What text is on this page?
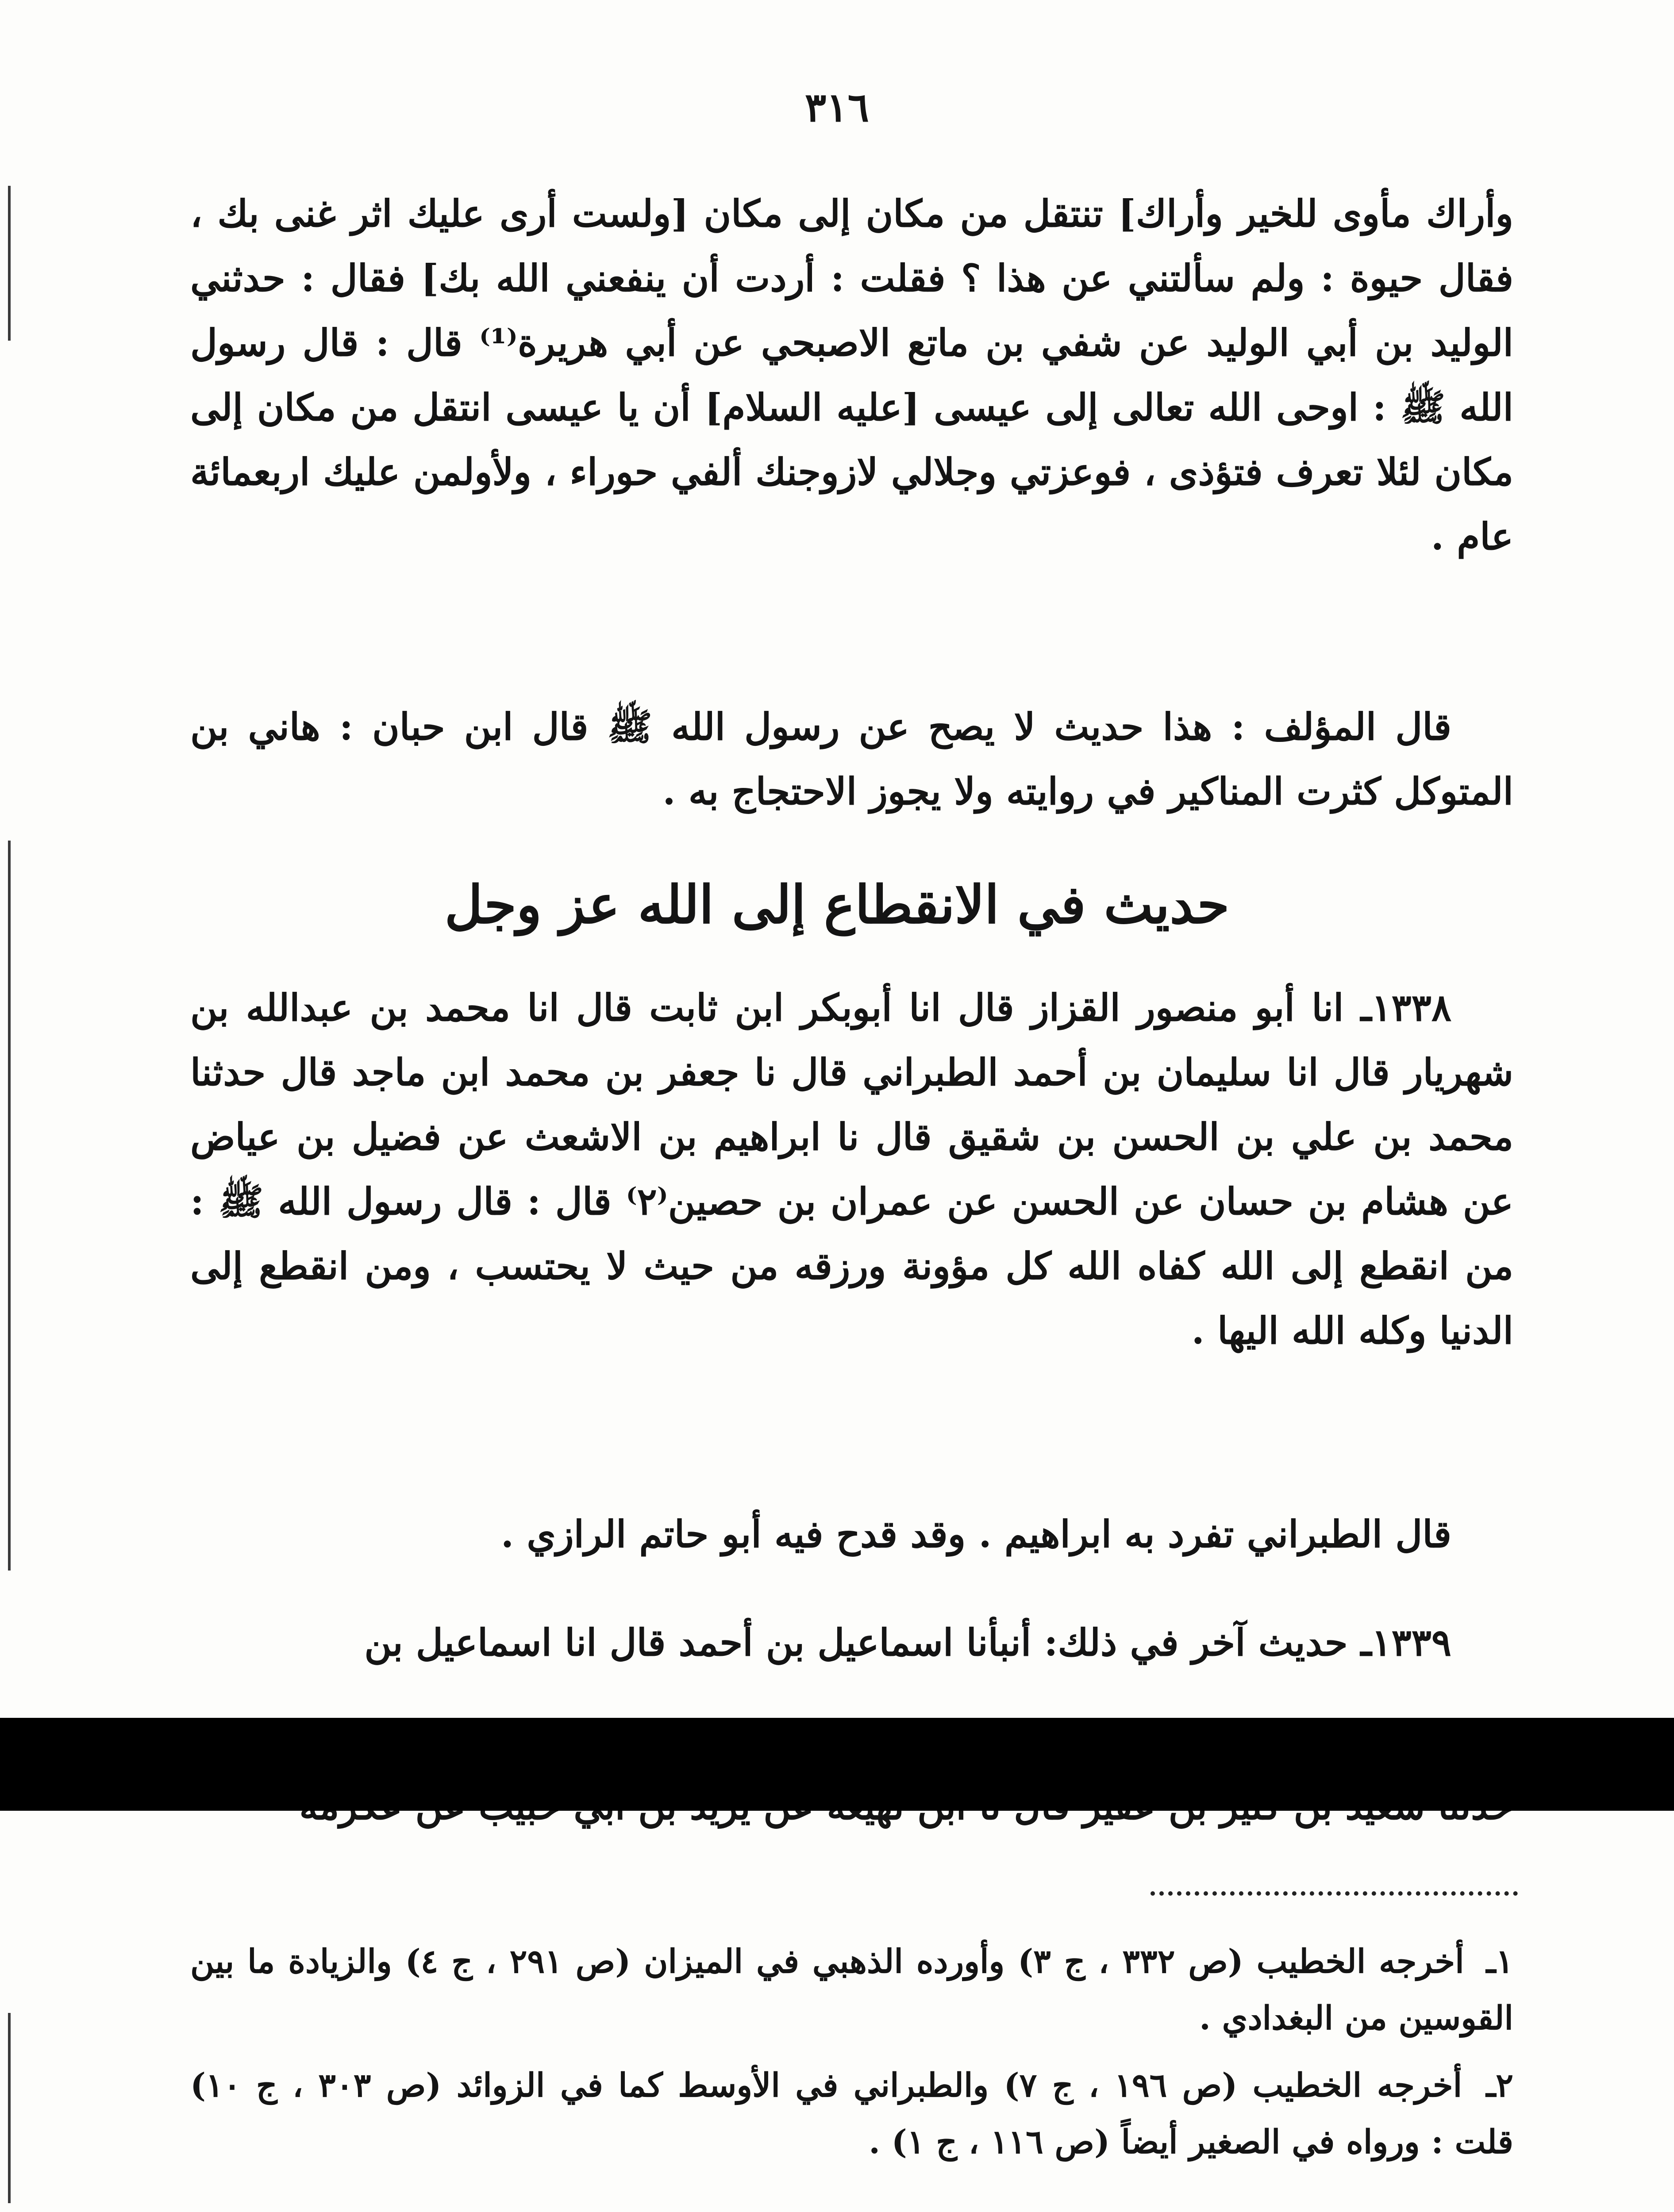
٣١٦
وأراك مأوى للخير وأراك] تنتقل من مكان إلى مكان [ولست أرى عليك اثر غنى بك ، فقال حيوة : ولم سألتني عن هذا ؟ فقلت : أردت أن ينفعني الله بك] فقال : حدثني الوليد بن أبي الوليد عن شفي بن ماتع الاصبحي عن أبي هريرة⁽¹⁾ قال : قال رسول الله ﷺ : اوحى الله تعالى إلى عيسى [عليه السلام] أن يا عيسى انتقل من مكان إلى مكان لئلا تعرف فتؤذى ، فوعزتي وجلالي لازوجنك ألفي حوراء ، ولأولمن عليك اربعمائة عام .
قال المؤلف : هذا حديث لا يصح عن رسول الله ﷺ قال ابن حبان : هاني بن المتوكل كثرت المناكير في روايته ولا يجوز الاحتجاج به .
حديث في الانقطاع إلى الله عز وجل
١٣٣٨ـ انا أبو منصور القزاز قال انا أبوبكر ابن ثابت قال انا محمد بن عبدالله بن شهريار قال انا سليمان بن أحمد الطبراني قال نا جعفر بن محمد ابن ماجد قال حدثنا محمد بن علي بن الحسن بن شقيق قال نا ابراهيم بن الاشعث عن فضيل بن عياض عن هشام بن حسان عن الحسن عن عمران بن حصين⁽٢⁾ قال : قال رسول الله ﷺ : من انقطع إلى الله كفاه الله كل مؤونة ورزقه من حيث لا يحتسب ، ومن انقطع إلى الدنيا وكله الله اليها .
قال الطبراني تفرد به ابراهيم . وقد قدح فيه أبو حاتم الرازي .
١٣٣٩ـ حديث آخر في ذلك: أنبأنا اسماعيل بن أحمد قال انا اسماعيل بن
١ـ أخرجه الخطيب (ص ٣٣٢ ، ج ٣) وأورده الذهبي في الميزان (ص ٢٩١ ، ج ٤) والزيادة ما بين القوسين من البغدادي .
٢ـ أخرجه الخطيب (ص ١٩٦ ، ج ٧) والطبراني في الأوسط كما في الزوائد (ص ٣٠٣ ، ج ١٠) قلت : ورواه في الصغير أيضاً (ص ١١٦ ، ج ١) .
